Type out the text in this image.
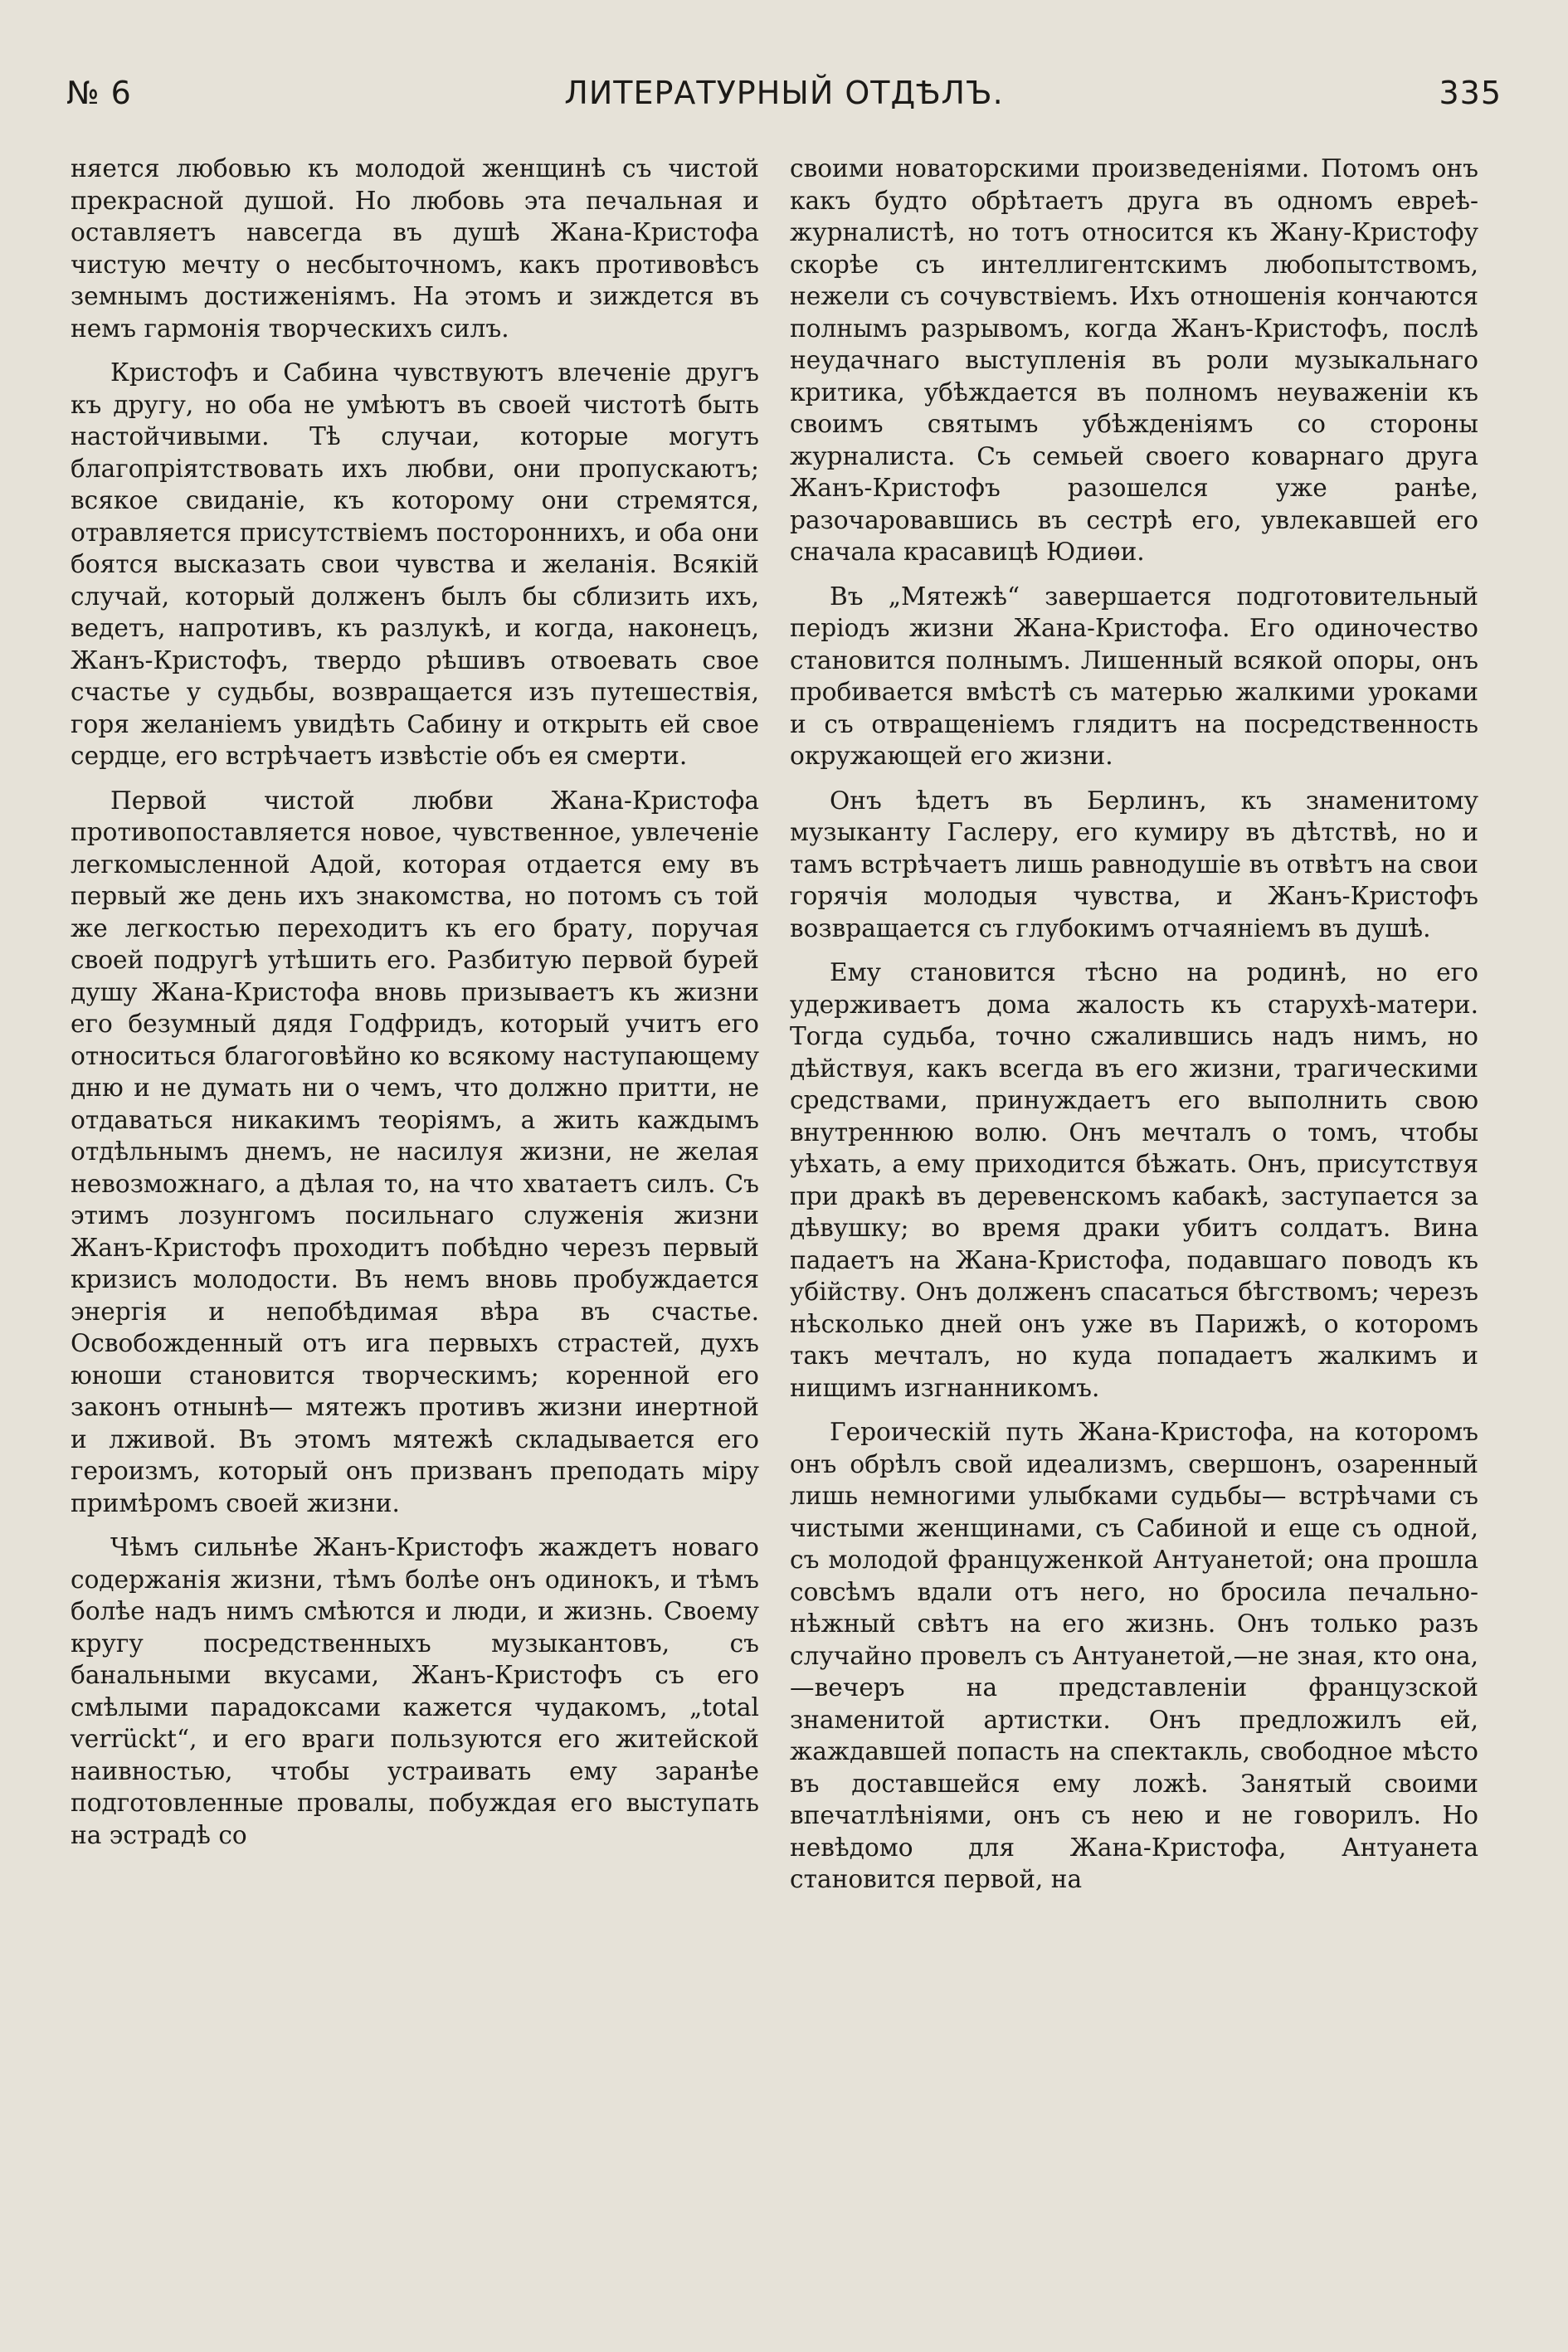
№ 6	ЛИТЕРАТУРНЫЙ ОТДѢЛЪ.	335

няется любовью къ молодой женщинѣ съ чистой прекрасной душой. Но любовь эта печальная и оставляетъ навсегда въ душѣ Жана-Кристофа чистую мечту о несбыточномъ, какъ противовѣсъ земнымъ достиженіямъ. На этомъ и зиждется въ немъ гармонія творческихъ силъ.

Кристофъ и Сабина чувствуютъ влеченіе другъ къ другу, но оба не умѣютъ въ своей чистотѣ быть настойчивыми. Тѣ случаи, которые могутъ благопріятствовать ихъ любви, они пропускаютъ; всякое свиданіе, къ которому они стремятся, отравляется присутствіемъ постороннихъ, и оба они боятся высказать свои чувства и желанія. Всякій случай, который долженъ былъ бы сблизить ихъ, ведетъ, напротивъ, къ разлукѣ, и когда, наконецъ, Жанъ-Кристофъ, твердо рѣшивъ отвоевать свое счастье у судьбы, возвращается изъ путешествія, горя желаніемъ увидѣть Сабину и открыть ей свое сердце, его встрѣчаетъ извѣстіе объ ея смерти.

Первой чистой любви Жана-Кристофа противопоставляется новое, чувственное, увлеченіе легкомысленной Адой, которая отдается ему въ первый же день ихъ знакомства, но потомъ съ той же легкостью переходитъ къ его брату, поручая своей подругѣ утѣшить его. Разбитую первой бурей душу Жана-Кристофа вновь призываетъ къ жизни его безумный дядя Годфридъ, который учитъ его относиться благоговѣйно ко всякому наступающему дню и не думать ни о чемъ, что должно притти, не отдаваться никакимъ теоріямъ, а жить каждымъ отдѣльнымъ днемъ, не насилуя жизни, не желая невозможнаго, а дѣлая то, на что хватаетъ силъ. Съ этимъ лозунгомъ посильнаго служенія жизни Жанъ-Кристофъ проходитъ побѣдно черезъ первый кризисъ молодости. Въ немъ вновь пробуждается энергія и непобѣдимая вѣра въ счастье. Освобожденный отъ ига первыхъ страстей, духъ юноши становится творческимъ; коренной его законъ отнынѣ— мятежъ противъ жизни инертной и лживой. Въ этомъ мятежѣ складывается его героизмъ, который онъ призванъ преподать міру примѣромъ своей жизни.

Чѣмъ сильнѣе Жанъ-Кристофъ жаждетъ новаго содержанія жизни, тѣмъ болѣе онъ одинокъ, и тѣмъ болѣе надъ нимъ смѣются и люди, и жизнь. Своему кругу посредственныхъ музыкантовъ, съ банальными вкусами, Жанъ-Кристофъ съ его смѣлыми парадоксами кажется чудакомъ, „total verrückt“, и его враги пользуются его житейской наивностью, чтобы устраивать ему заранѣе подготовленные провалы, побуждая его выступать на эстрадѣ со

своими новаторскими произведеніями. Потомъ онъ какъ будто обрѣтаетъ друга въ одномъ евреѣ-журналистѣ, но тотъ относится къ Жану-Кристофу скорѣе съ интеллигентскимъ любопытствомъ, нежели съ сочувствіемъ. Ихъ отношенія кончаются полнымъ разрывомъ, когда Жанъ-Кристофъ, послѣ неудачнаго выступленія въ роли музыкальнаго критика, убѣждается въ полномъ неуваженіи къ своимъ святымъ убѣжденіямъ со стороны журналиста. Съ семьей своего коварнаго друга Жанъ-Кристофъ разошелся уже ранѣе, разочаровавшись въ сестрѣ его, увлекавшей его сначала красавицѣ Юдиѳи.

Въ „Мятежѣ“ завершается подготовительный періодъ жизни Жана-Кристофа. Его одиночество становится полнымъ. Лишенный всякой опоры, онъ пробивается вмѣстѣ съ матерью жалкими уроками и съ отвращеніемъ глядитъ на посредственность окружающей его жизни.

Онъ ѣдетъ въ Берлинъ, къ знаменитому музыканту Гаслеру, его кумиру въ дѣтствѣ, но и тамъ встрѣчаетъ лишь равнодушіе въ отвѣтъ на свои горячія молодыя чувства, и Жанъ-Кристофъ возвращается съ глубокимъ отчаяніемъ въ душѣ.

Ему становится тѣсно на родинѣ, но его удерживаетъ дома жалость къ старухѣ-матери. Тогда судьба, точно сжалившись надъ нимъ, но дѣйствуя, какъ всегда въ его жизни, трагическими средствами, принуждаетъ его выполнить свою внутреннюю волю. Онъ мечталъ о томъ, чтобы уѣхать, а ему приходится бѣжать. Онъ, присутствуя при дракѣ въ деревенскомъ кабакѣ, заступается за дѣвушку; во время драки убитъ солдатъ. Вина падаетъ на Жана-Кристофа, подавшаго поводъ къ убійству. Онъ долженъ спасаться бѣгствомъ; черезъ нѣсколько дней онъ уже въ Парижѣ, о которомъ такъ мечталъ, но куда попадаетъ жалкимъ и нищимъ изгнанникомъ.

Героическій путь Жана-Кристофа, на которомъ онъ обрѣлъ свой идеализмъ, свершонъ, озаренный лишь немногими улыбками судьбы— встрѣчами съ чистыми женщинами, съ Сабиной и еще съ одной, съ молодой француженкой Антуанетой; она прошла совсѣмъ вдали отъ него, но бросила печально-нѣжный свѣтъ на его жизнь. Онъ только разъ случайно провелъ съ Антуанетой,—не зная, кто она,—вечеръ на представленіи французской знаменитой артистки. Онъ предложилъ ей, жаждавшей попасть на спектакль, свободное мѣсто въ доставшейся ему ложѣ. Занятый своими впечатлѣніями, онъ съ нею и не говорилъ. Но невѣдомо для Жана-Кристофа, Антуанета становится первой, на
